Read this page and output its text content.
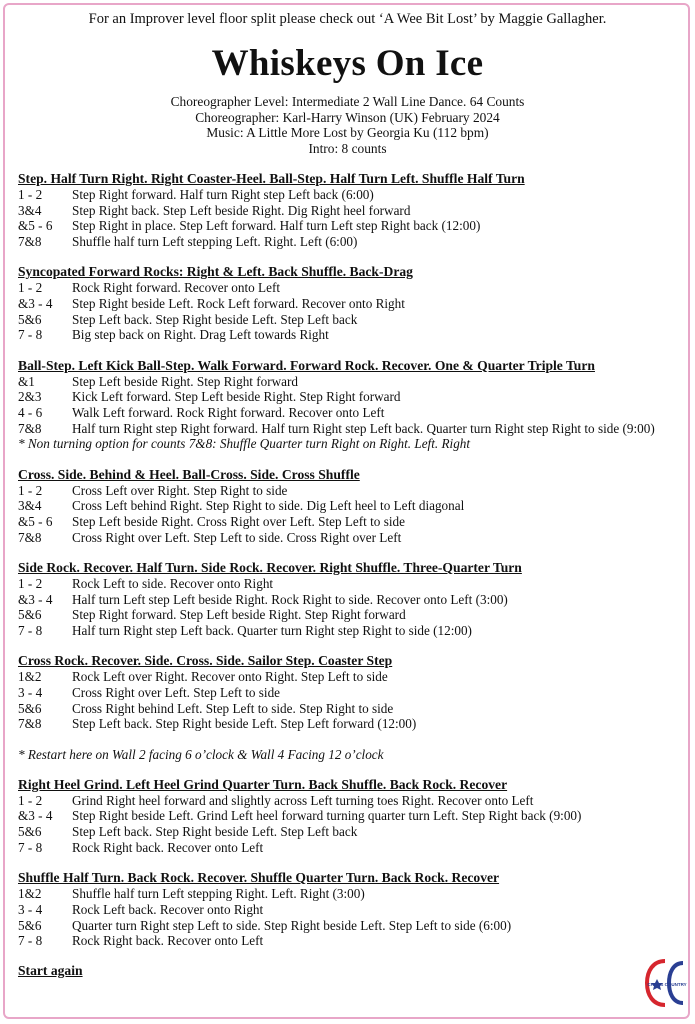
For an Improver level floor split please check out ‘A Wee Bit Lost’ by Maggie Gallagher.
Whiskeys On Ice
Choreographer Level: Intermediate 2 Wall Line Dance. 64 Counts
Choreographer: Karl-Harry Winson (UK) February 2024
Music: A Little More Lost by Georgia Ku (112 bpm)
Intro: 8 counts
Step. Half Turn Right. Right Coaster-Heel. Ball-Step. Half Turn Left. Shuffle Half Turn
1 - 2	Step Right forward. Half turn Right step Left back (6:00)
3&4	Step Right back. Step Left beside Right. Dig Right heel forward
&5 - 6	Step Right in place. Step Left forward. Half turn Left step Right back (12:00)
7&8	Shuffle half turn Left stepping Left. Right. Left (6:00)
Syncopated Forward Rocks: Right & Left. Back Shuffle. Back-Drag
1 - 2	Rock Right forward. Recover onto Left
&3 - 4	Step Right beside Left. Rock Left forward. Recover onto Right
5&6	Step Left back. Step Right beside Left. Step Left back
7 - 8	Big step back on Right. Drag Left towards Right
Ball-Step. Left Kick Ball-Step. Walk Forward. Forward Rock. Recover. One & Quarter Triple Turn
&1	Step Left beside Right. Step Right forward
2&3	Kick Left forward. Step Left beside Right. Step Right forward
4 - 6	Walk Left forward. Rock Right forward. Recover onto Left
7&8	Half turn Right step Right forward. Half turn Right step Left back. Quarter turn Right step Right to side (9:00)
* Non turning option for counts 7&8: Shuffle Quarter turn Right on Right. Left. Right
Cross. Side. Behind & Heel. Ball-Cross. Side. Cross Shuffle
1 - 2	Cross Left over Right. Step Right to side
3&4	Cross Left behind Right. Step Right to side. Dig Left heel to Left diagonal
&5 - 6	Step Left beside Right. Cross Right over Left. Step Left to side
7&8	Cross Right over Left. Step Left to side. Cross Right over Left
Side Rock. Recover. Half Turn. Side Rock. Recover. Right Shuffle. Three-Quarter Turn
1 - 2	Rock Left to side. Recover onto Right
&3 - 4	Half turn Left step Left beside Right. Rock Right to side. Recover onto Left (3:00)
5&6	Step Right forward. Step Left beside Right. Step Right forward
7 - 8	Half turn Right step Left back. Quarter turn Right step Right to side (12:00)
Cross Rock. Recover. Side. Cross. Side. Sailor Step. Coaster Step
1&2	Rock Left over Right. Recover onto Right. Step Left to side
3 - 4	Cross Right over Left. Step Left to side
5&6	Cross Right behind Left. Step Left to side. Step Right to side
7&8	Step Left back. Step Right beside Left. Step Left forward (12:00)
* Restart here on Wall 2 facing 6 o’clock & Wall 4 Facing 12 o’clock
Right Heel Grind. Left Heel Grind Quarter Turn. Back Shuffle. Back Rock. Recover
1 - 2	Grind Right heel forward and slightly across Left turning toes Right. Recover onto Left
&3 - 4	Step Right beside Left. Grind Left heel forward turning quarter turn Left. Step Right back (9:00)
5&6	Step Left back. Step Right beside Left. Step Left back
7 - 8	Rock Right back. Recover onto Left
Shuffle Half Turn. Back Rock. Recover. Shuffle Quarter Turn. Back Rock. Recover
1&2	Shuffle half turn Left stepping Right. Left. Right (3:00)
3 - 4	Rock Left back. Recover onto Right
5&6	Quarter turn Right step Left to side. Step Right beside Left. Step Left to side (6:00)
7 - 8	Rock Right back. Recover onto Left
Start again
CROSS COUNTRY
